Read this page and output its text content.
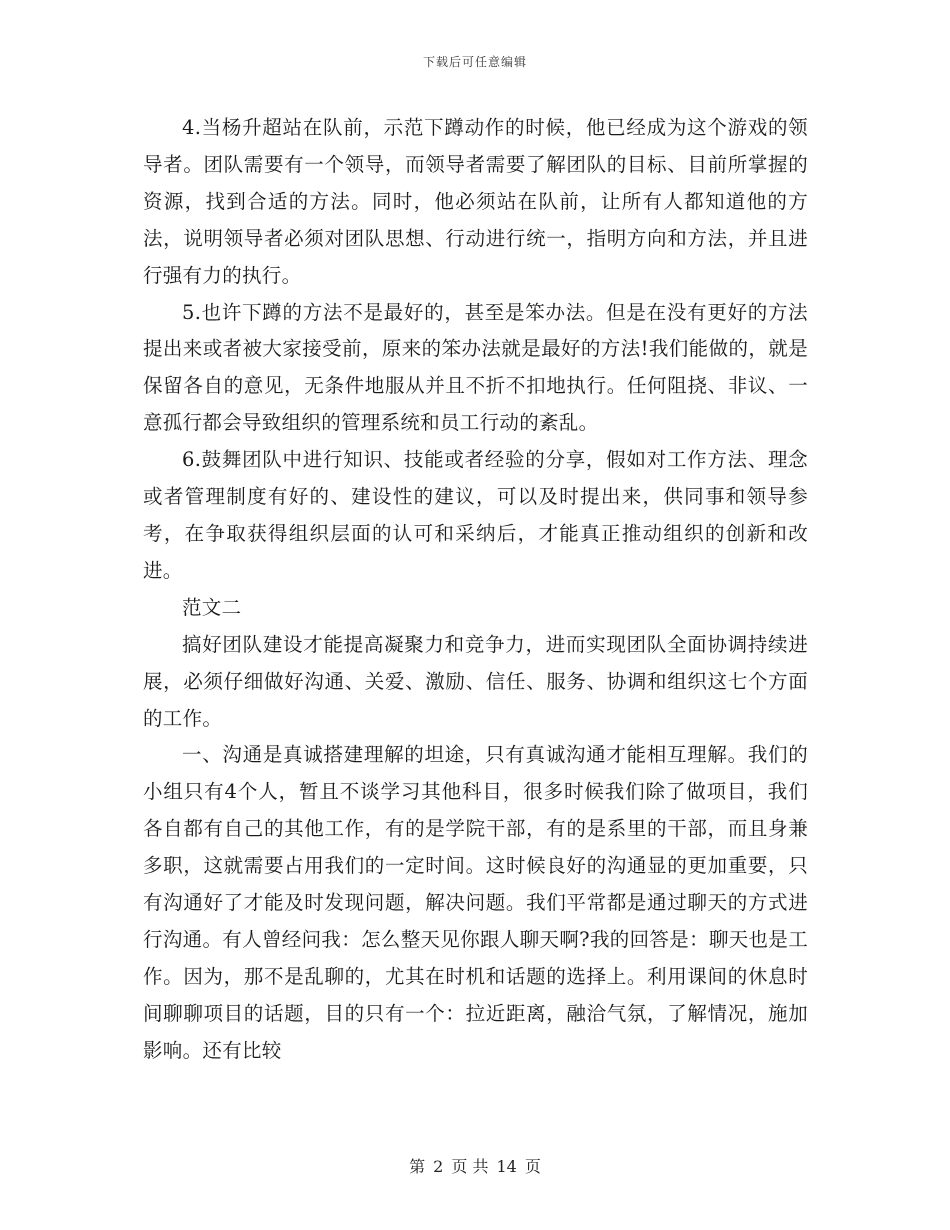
下载后可任意编辑

4.当杨升超站在队前，示范下蹲动作的时候，他已经成为这个游戏的领导者。团队需要有一个领导，而领导者需要了解团队的目标、目前所掌握的资源，找到合适的方法。同时，他必须站在队前，让所有人都知道他的方法，说明领导者必须对团队思想、行动进行统一，指明方向和方法，并且进行强有力的执行。

5.也许下蹲的方法不是最好的，甚至是笨办法。但是在没有更好的方法提出来或者被大家接受前，原来的笨办法就是最好的方法!我们能做的，就是保留各自的意见，无条件地服从并且不折不扣地执行。任何阻挠、非议、一意孤行都会导致组织的管理系统和员工行动的紊乱。

6.鼓舞团队中进行知识、技能或者经验的分享，假如对工作方法、理念或者管理制度有好的、建设性的建议，可以及时提出来，供同事和领导参考，在争取获得组织层面的认可和采纳后，才能真正推动组织的创新和改进。

范文二

搞好团队建设才能提高凝聚力和竞争力，进而实现团队全面协调持续进展，必须仔细做好沟通、关爱、激励、信任、服务、协调和组织这七个方面的工作。

一、沟通是真诚搭建理解的坦途，只有真诚沟通才能相互理解。我们的小组只有4个人，暂且不谈学习其他科目，很多时候我们除了做项目，我们各自都有自己的其他工作，有的是学院干部，有的是系里的干部，而且身兼多职，这就需要占用我们的一定时间。这时候良好的沟通显的更加重要，只有沟通好了才能及时发现问题，解决问题。我们平常都是通过聊天的方式进行沟通。有人曾经问我：怎么整天见你跟人聊天啊?我的回答是：聊天也是工作。因为，那不是乱聊的，尤其在时机和话题的选择上。利用课间的休息时间聊聊项目的话题，目的只有一个：拉近距离，融洽气氛，了解情况，施加影响。还有比较

第 2 页 共 14 页
